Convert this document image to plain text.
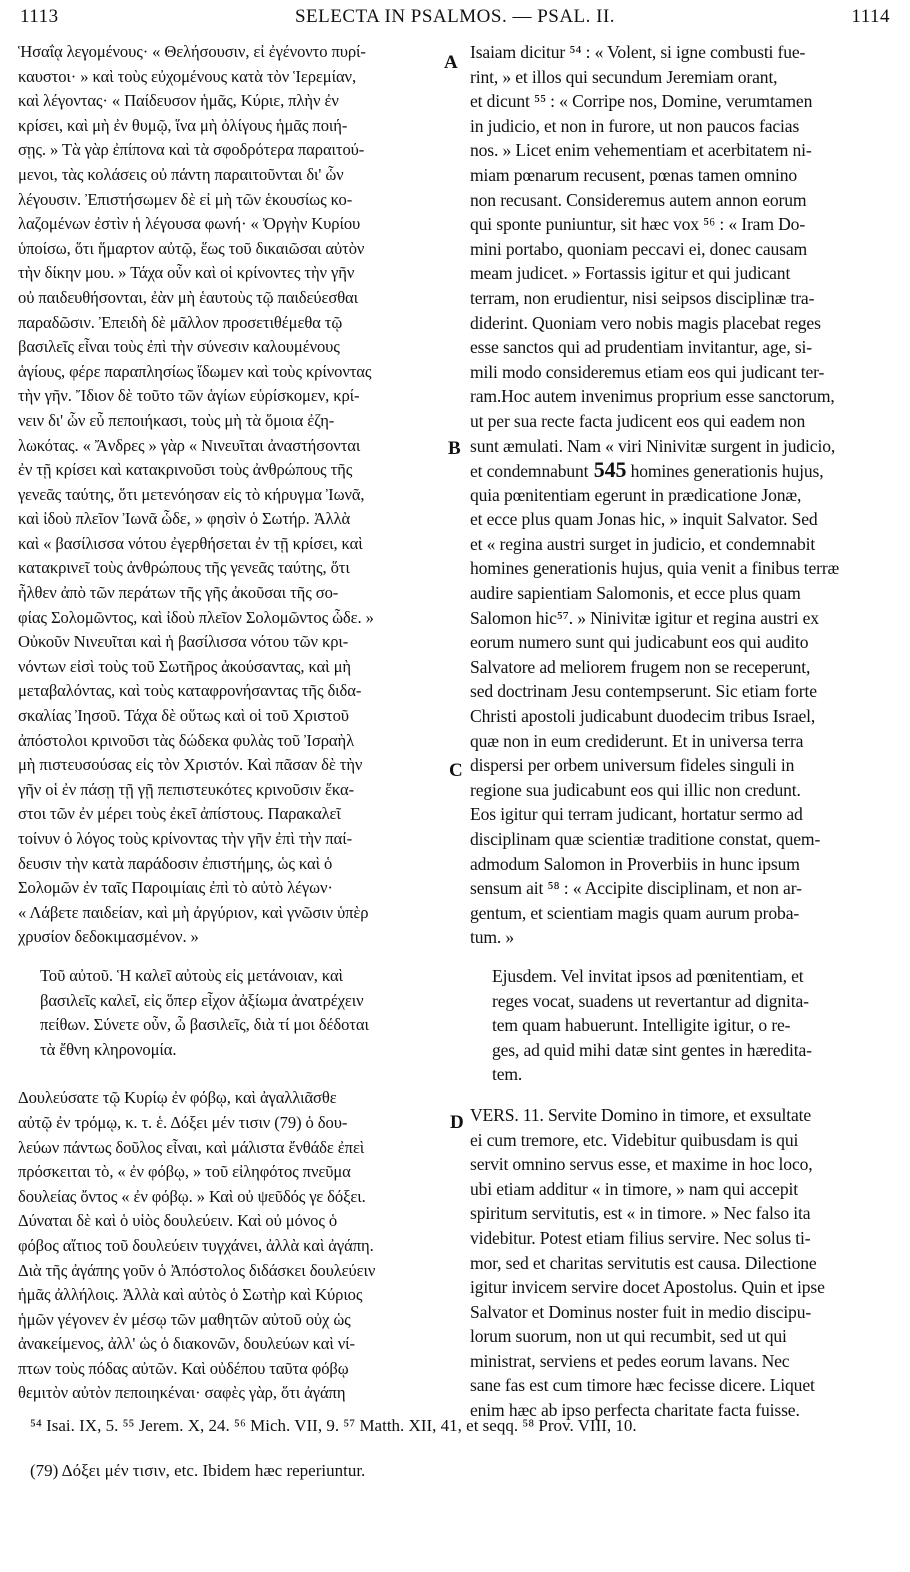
1113	SELECTA IN PSALMOS. — PSAL. II.	1114
A
B
C
D
Ἡσαΐᾳ λεγομένους· « Θελήσουσιν, εἰ ἐγένοντο πυρί-
καυστοι· » καὶ τοὺς εὐχομένους κατὰ τὸν Ἱερεμίαν,
καὶ λέγοντας· « Παίδευσον ἡμᾶς, Κύριε, πλὴν ἐν
κρίσει, καὶ μὴ ἐν θυμῷ, ἵνα μὴ ὀλίγους ἡμᾶς ποιή-
σῃς. » Τὰ γὰρ ἐπίπονα καὶ τὰ σφοδρότερα παραιτού-
μενοι, τὰς κολάσεις οὐ πάντη παραιτοῦνται δι' ὧν
λέγουσιν. Ἐπιστήσωμεν δὲ εἰ μὴ τῶν ἑκουσίως κο-
λαζομένων ἐστὶν ἡ λέγουσα φωνή· « Ὀργὴν Κυρίου
ὑποίσω, ὅτι ἥμαρτον αὐτῷ, ἕως τοῦ δικαιῶσαι αὐτὸν
τὴν δίκην μου. » Τάχα οὖν καὶ οἱ κρίνοντες τὴν γῆν
οὐ παιδευθήσονται, ἐὰν μὴ ἑαυτοὺς τῷ παιδεύεσθαι
παραδῶσιν. Ἐπειδὴ δὲ μᾶλλον προσετιθέμεθα τῷ
βασιλεῖς εἶναι τοὺς ἐπὶ τὴν σύνεσιν καλουμένους
ἁγίους, φέρε παραπλησίως ἴδωμεν καὶ τοὺς κρίνοντας
τὴν γῆν. Ἴδιον δὲ τοῦτο τῶν ἁγίων εὑρίσκομεν, κρί-
νειν δι' ὧν εὖ πεποιήκασι, τοὺς μὴ τὰ ὅμοια ἐζη-
λωκότας. « Ἄνδρες » γὰρ « Νινευῖται ἀναστήσονται
ἐν τῇ κρίσει καὶ κατακρινοῦσι τοὺς ἀνθρώπους τῆς
γενεᾶς ταύτης, ὅτι μετενόησαν εἰς τὸ κήρυγμα Ἰωνᾶ,
καὶ ἰδοὺ πλεῖον Ἰωνᾶ ὧδε, » φησὶν ὁ Σωτήρ. Ἀλλὰ
καὶ « βασίλισσα νότου ἐγερθήσεται ἐν τῇ κρίσει, καὶ
κατακρινεῖ τοὺς ἀνθρώπους τῆς γενεᾶς ταύτης, ὅτι
ἦλθεν ἀπὸ τῶν περάτων τῆς γῆς ἀκοῦσαι τῆς σο-
φίας Σολομῶντος, καὶ ἰδοὺ πλεῖον Σολομῶντος ὧδε. »
Οὐκοῦν Νινευῖται καὶ ἡ βασίλισσα νότου τῶν κρι-
νόντων εἰσὶ τοὺς τοῦ Σωτῆρος ἀκούσαντας, καὶ μὴ
μεταβαλόντας, καὶ τοὺς καταφρονήσαντας τῆς διδα-
σκαλίας Ἰησοῦ. Τάχα δὲ οὕτως καὶ οἱ τοῦ Χριστοῦ
ἀπόστολοι κρινοῦσι τὰς δώδεκα φυλὰς τοῦ Ἰσραὴλ
μὴ πιστευσούσας εἰς τὸν Χριστόν. Καὶ πᾶσαν δὲ τὴν
γῆν οἱ ἐν πάσῃ τῇ γῇ πεπιστευκότες κρινοῦσιν ἕκα-
στοι τῶν ἐν μέρει τοὺς ἐκεῖ ἀπίστους. Παρακαλεῖ
τοίνυν ὁ λόγος τοὺς κρίνοντας τὴν γῆν ἐπὶ τὴν παί-
δευσιν τὴν κατὰ παράδοσιν ἐπιστήμης, ὡς καὶ ὁ
Σολομῶν ἐν ταῖς Παροιμίαις ἐπὶ τὸ αὐτὸ λέγων·
« Λάβετε παιδείαν, καὶ μὴ ἀργύριον, καὶ γνῶσιν ὑπὲρ
χρυσίον δεδοκιμασμένον. »
Τοῦ αὐτοῦ. Ἡ καλεῖ αὐτοὺς εἰς μετάνοιαν, καὶ
βασιλεῖς καλεῖ, εἰς ὅπερ εἶχον ἀξίωμα ἀνατρέχειν
πείθων. Σύνετε οὖν, ὦ βασιλεῖς, διὰ τί μοι δέδοται
τὰ ἔθνη κληρονομία.
Δουλεύσατε τῷ Κυρίῳ ἐν φόβῳ, καὶ ἀγαλλιᾶσθε
αὐτῷ ἐν τρόμῳ, κ. τ. ἑ. Δόξει μέν τισιν (79) ὁ δου-
λεύων πάντως δοῦλος εἶναι, καὶ μάλιστα ἔνθάδε ἐπεὶ
πρόσκειται τὸ, « ἐν φόβῳ, » τοῦ εἰληφότος πνεῦμα
δουλείας ὄντος « ἐν φόβῳ. » Καὶ οὐ ψεῦδός γε δόξει.
Δύναται δὲ καὶ ὁ υἱὸς δουλεύειν. Καὶ οὐ μόνος ὁ
φόβος αἴτιος τοῦ δουλεύειν τυγχάνει, ἀλλὰ καὶ ἀγάπη.
Διὰ τῆς ἀγάπης γοῦν ὁ Ἀπόστολος διδάσκει δουλεύειν
ἡμᾶς ἀλλήλοις. Ἀλλὰ καὶ αὐτὸς ὁ Σωτὴρ καὶ Κύριος
ἡμῶν γέγονεν ἐν μέσῳ τῶν μαθητῶν αὐτοῦ οὐχ ὡς
ἀνακείμενος, ἀλλ' ὡς ὁ διακονῶν, δουλεύων καὶ νί-
πτων τοὺς πόδας αὐτῶν. Καὶ οὐδέπου ταῦτα φόβῳ
θεμιτὸν αὐτὸν πεποιηκέναι· σαφὲς γὰρ, ὅτι ἀγάπη
Isaiam dicitur ⁵⁴ : « Volent, si igne combusti fue-
rint, » et illos qui secundum Jeremiam orant,
et dicunt ⁵⁵ : « Corripe nos, Domine, verumtamen
in judicio, et non in furore, ut non paucos facias
nos. » Licet enim vehementiam et acerbitatem ni-
miam pœnarum recusent, pœnas tamen omnino
non recusant. Consideremus autem annon eorum
qui sponte puniuntur, sit hæc vox ⁵⁶ : « Iram Do-
mini portabo, quoniam peccavi ei, donec causam
meam judicet. » Fortassis igitur et qui judicant
terram, non erudientur, nisi seipsos disciplinæ tra-
diderint. Quoniam vero nobis magis placebat reges
esse sanctos qui ad prudentiam invitantur, age, si-
mili modo consideremus etiam eos qui judicant ter-
ram.Hoc autem invenimus proprium esse sanctorum,
ut per sua recte facta judicent eos qui eadem non
sunt æmulati. Nam « viri Ninivitæ surgent in judicio,
et condemnabunt 545 homines generationis hujus,
quia pœnitentiam egerunt in prædicatione Jonæ,
et ecce plus quam Jonas hic, » inquit Salvator. Sed
et « regina austri surget in judicio, et condemnabit
homines generationis hujus, quia venit a finibus terræ
audire sapientiam Salomonis, et ecce plus quam
Salomon hic⁵⁷. » Ninivitæ igitur et regina austri ex
eorum numero sunt qui judicabunt eos qui audito
Salvatore ad meliorem frugem non se receperunt,
sed doctrinam Jesu contempserunt. Sic etiam forte
Christi apostoli judicabunt duodecim tribus Israel,
quæ non in eum crediderunt. Et in universa terra
dispersi per orbem universum fideles singuli in
regione sua judicabunt eos qui illic non credunt.
Eos igitur qui terram judicant, hortatur sermo ad
disciplinam quæ scientiæ traditione constat, quem-
admodum Salomon in Proverbiis in hunc ipsum
sensum ait ⁵⁸ : « Accipite disciplinam, et non ar-
gentum, et scientiam magis quam aurum proba-
tum. »
Ejusdem. Vel invitat ipsos ad pœnitentiam, et
reges vocat, suadens ut revertantur ad dignita-
tem quam habuerunt. Intelligite igitur, o re-
ges, ad quid mihi datæ sint gentes in hæredita-
tem.
VERS. 11. Servite Domino in timore, et exsultate
ei cum tremore, etc. Videbitur quibusdam is qui
servit omnino servus esse, et maxime in hoc loco,
ubi etiam additur « in timore, » nam qui accepit
spiritum servitutis, est « in timore. » Nec falso ita
videbitur. Potest etiam filius servire. Nec solus ti-
mor, sed et charitas servitutis est causa. Dilectione
igitur invicem servire docet Apostolus. Quin et ipse
Salvator et Dominus noster fuit in medio discipu-
lorum suorum, non ut qui recumbit, sed ut qui
ministrat, serviens et pedes eorum lavans. Nec
sane fas est cum timore hæc fecisse dicere. Liquet
enim hæc ab ipso perfecta charitate facta fuisse.
⁵⁴ Isai. IX, 5. ⁵⁵ Jerem. X, 24. ⁵⁶ Mich. VII, 9. ⁵⁷ Matth. XII, 41, et seqq. ⁵⁸ Prov. VIII, 10.
(79) Δόξει μέν τισιν, etc. Ibidem hæc reperiuntur.
